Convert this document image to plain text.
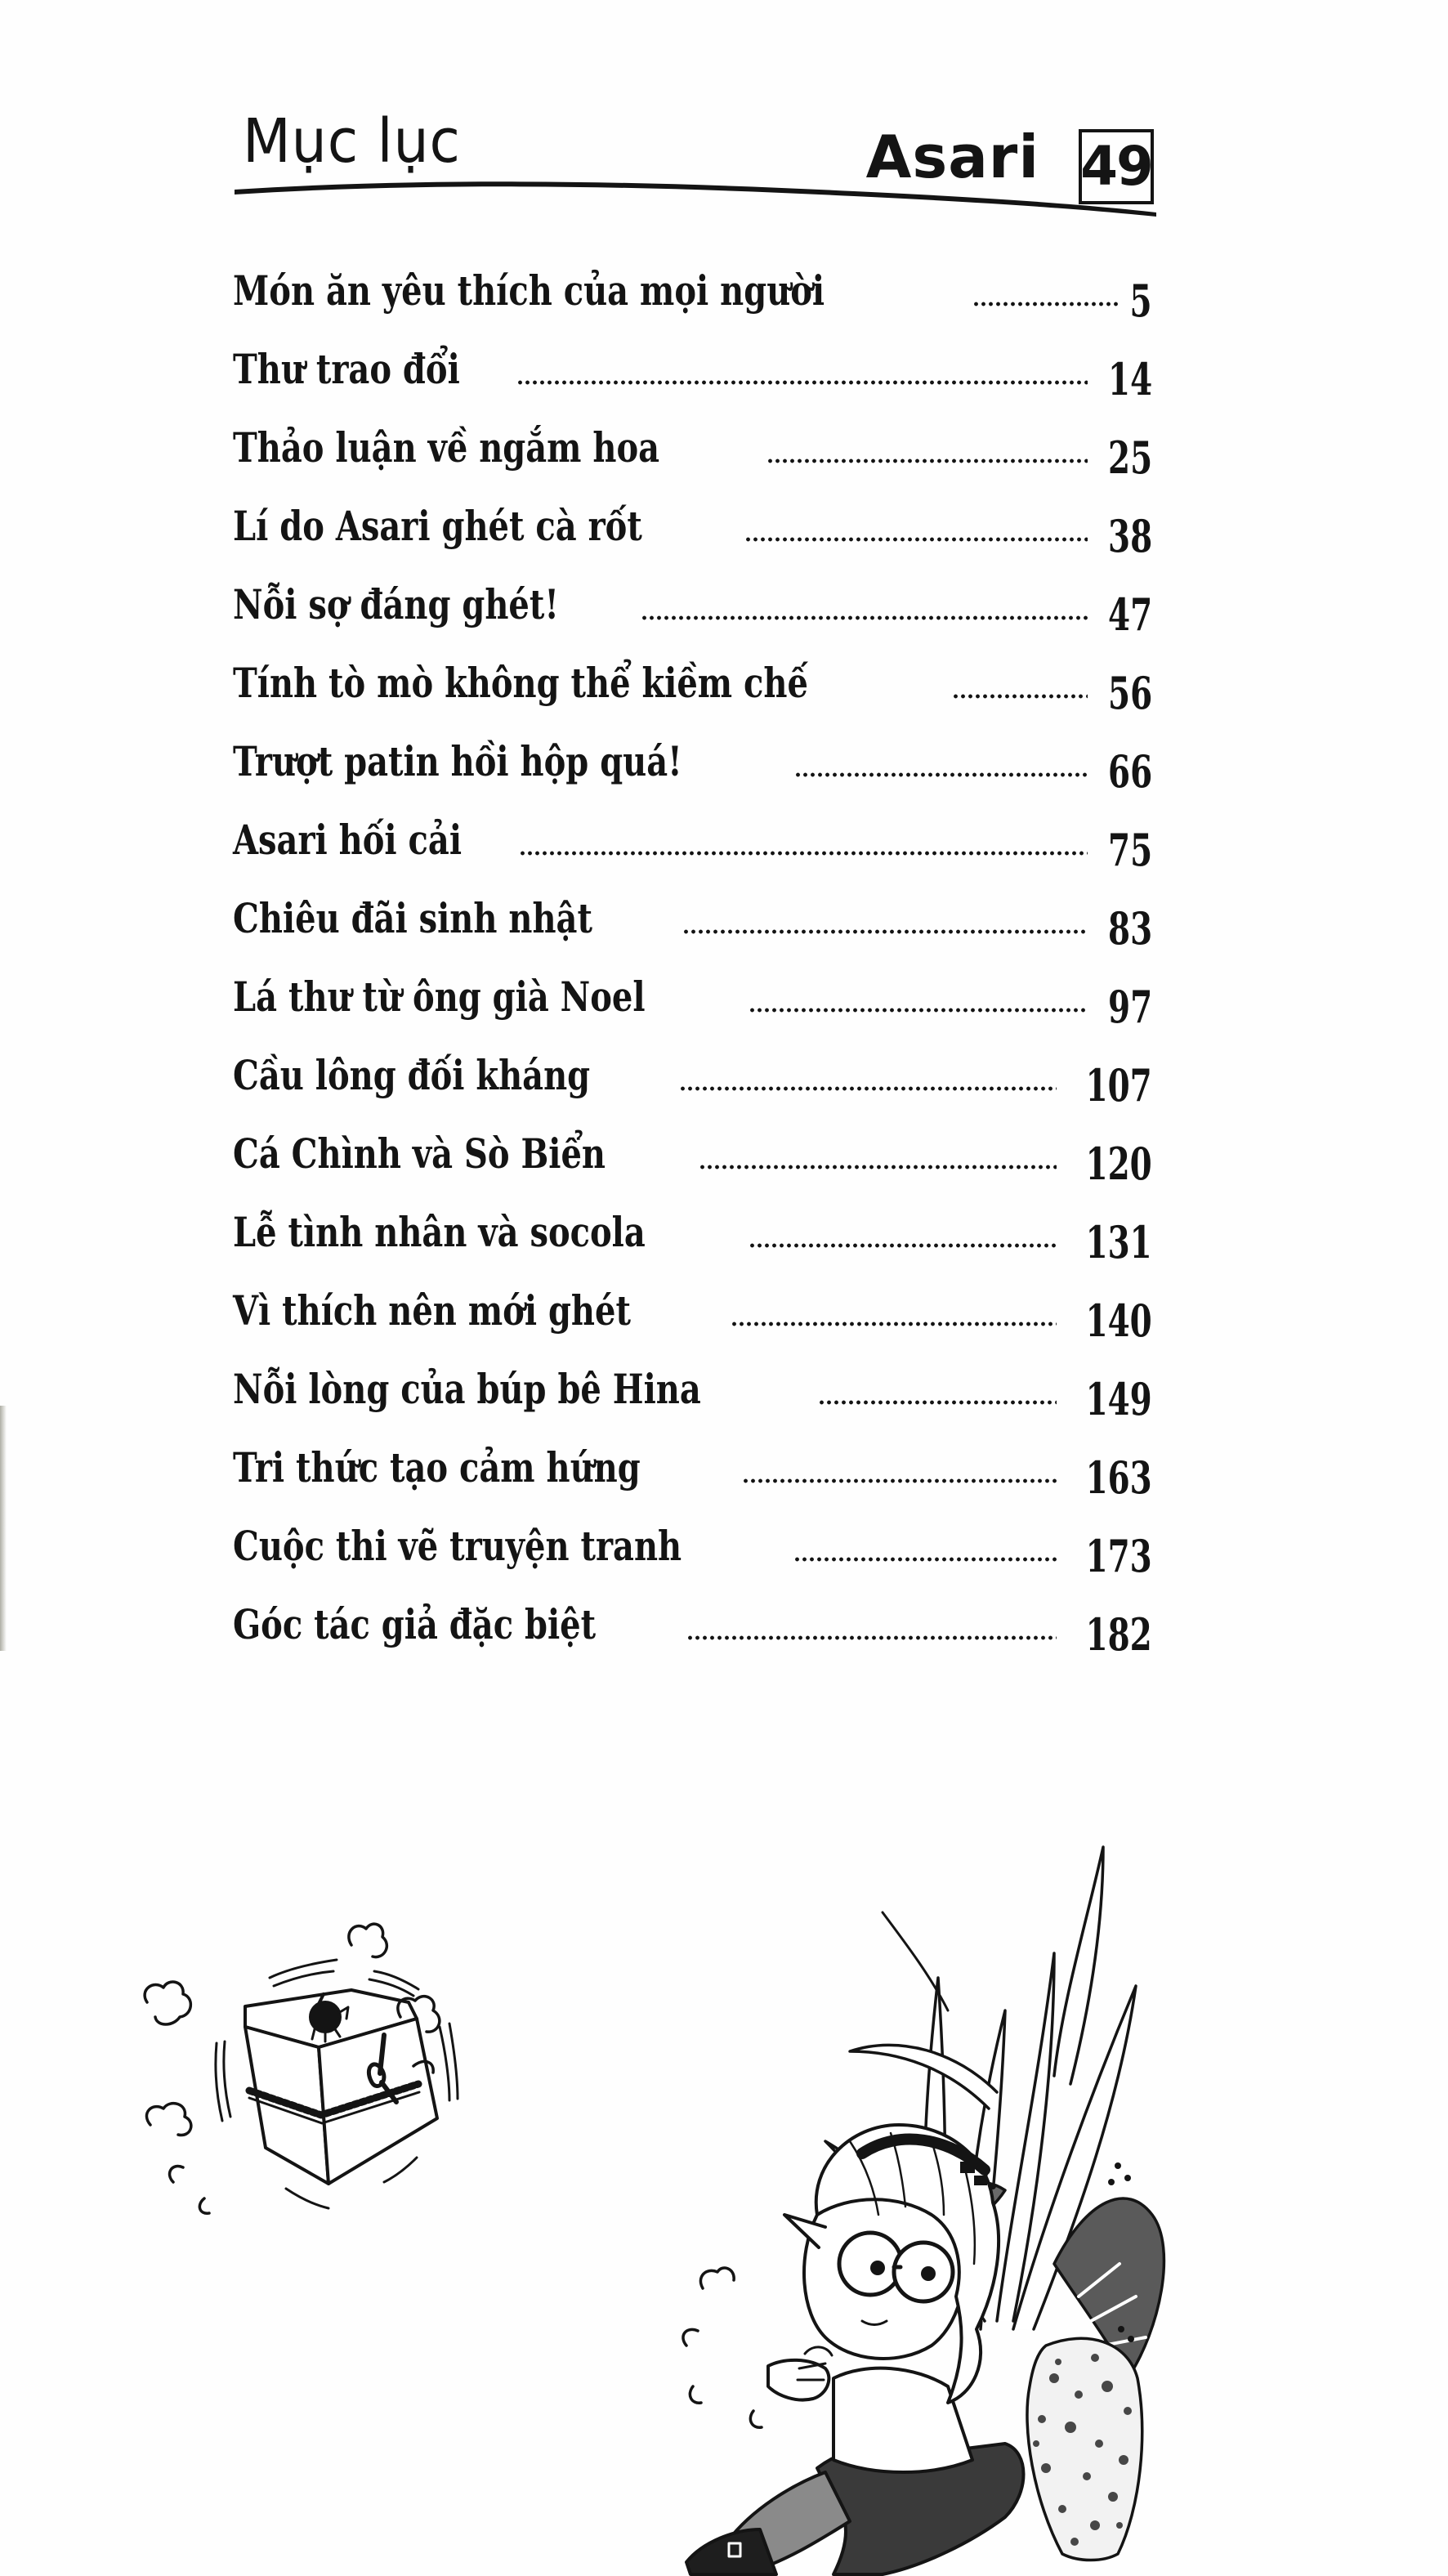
Mục lục	Asari 49
Món ăn yêu thích của mọi người	5
Thư trao đổi	14
Thảo luận về ngắm hoa	25
Lí do Asari ghét cà rốt	38
Nỗi sợ đáng ghét!	47
Tính tò mò không thể kiềm chế	56
Trượt patin hồi hộp quá!	66
Asari hối cải	75
Chiêu đãi sinh nhật	83
Lá thư từ ông già Noel	97
Cầu lông đối kháng	107
Cá Chình và Sò Biển	120
Lễ tình nhân và socola	131
Vì thích nên mới ghét	140
Nỗi lòng của búp bê Hina	149
Tri thức tạo cảm hứng	163
Cuộc thi vẽ truyện tranh	173
Góc tác giả đặc biệt	182
